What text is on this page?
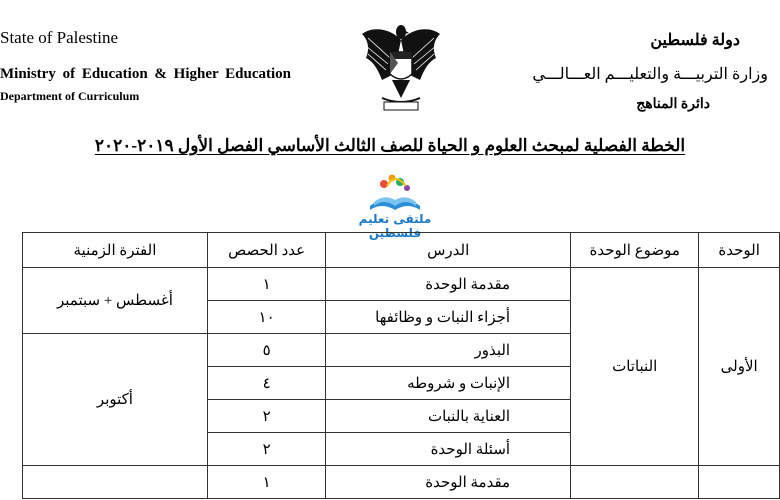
State of Palestine
Ministry of Education & Higher Education
Department of Curriculum
دولة فلسطين
وزارة التربيـــة والتعليـــم العـــالـــي
دائرة المناهج
الخطة الفصلية لمبحث العلوم و الحياة للصف الثالث الأساسي الفصل الأول ٢٠١٩-٢٠٢٠
ملتقى تعليم فلسطين
الوحدة	موضوع الوحدة	الدرس	عدد الحصص	الفترة الزمنية
الأولى	النباتات	مقدمة الوحدة	١	أغسطس + سبتمبر
		أجزاء النبات و وظائفها	١٠	
		البذور	٥	أكتوبر
		الإنبات و شروطه	٤	
		العناية بالنبات	٢	
		أسئلة الوحدة	٢	
		مقدمة الوحدة	١	
